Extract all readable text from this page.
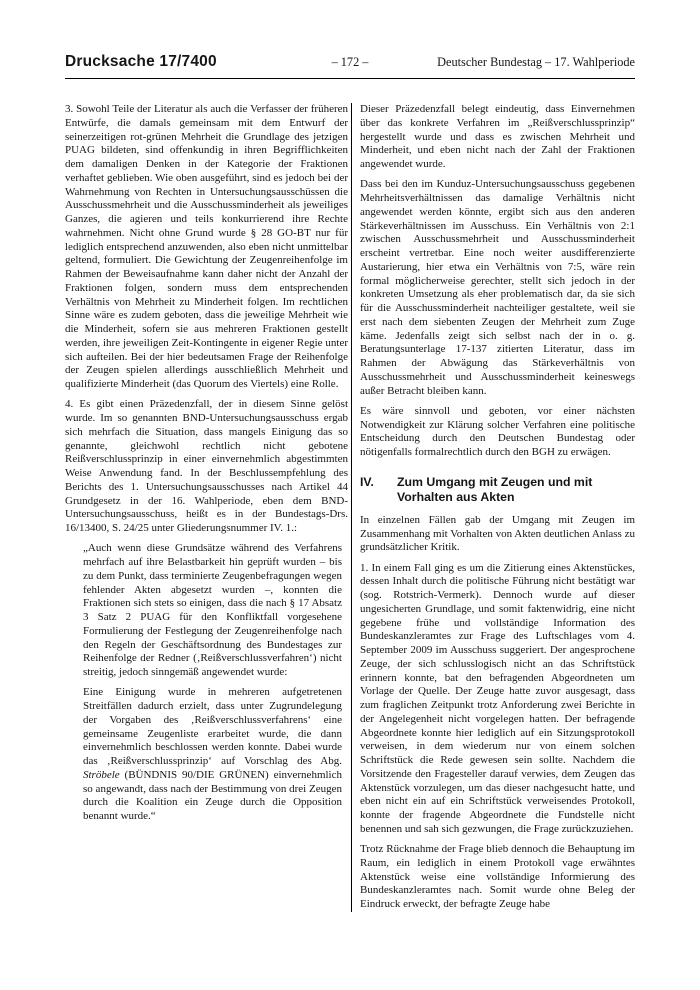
Drucksache 17/7400	– 172 –	Deutscher Bundestag – 17. Wahlperiode

3. Sowohl Teile der Literatur als auch die Verfasser der früheren Entwürfe, die damals gemeinsam mit dem Entwurf der seinerzeitigen rot-grünen Mehrheit die Grundlage des jetzigen PUAG bildeten, sind offenkundig in ihren Begrifflichkeiten dem damaligen Denken in der Kategorie der Fraktionen verhaftet geblieben. Wie oben ausgeführt, sind es jedoch bei der Wahrnehmung von Rechten in Untersuchungsausschüssen die Ausschussmehrheit und die Ausschussminderheit als jeweiliges Ganzes, die agieren und teils konkurrierend ihre Rechte wahrnehmen. Nicht ohne Grund wurde § 28 GO-BT nur für lediglich entsprechend anzuwenden, also eben nicht unmittelbar geltend, formuliert. Die Gewichtung der Zeugenreihenfolge im Rahmen der Beweisaufnahme kann daher nicht der Anzahl der Fraktionen folgen, sondern muss dem entsprechenden Verhältnis von Mehrheit zu Minderheit folgen. Im rechtlichen Sinne wäre es zudem geboten, dass die jeweilige Mehrheit wie die Minderheit, sofern sie aus mehreren Fraktionen gestellt werden, ihre jeweiligen Zeit-Kontingente in eigener Regie unter sich aufteilen. Bei der hier bedeutsamen Frage der Reihenfolge der Zeugen spielen allerdings ausschließlich Mehrheit und qualifizierte Minderheit (das Quorum des Viertels) eine Rolle.

4. Es gibt einen Präzedenzfall, der in diesem Sinne gelöst wurde. Im so genannten BND-Untersuchungsausschuss ergab sich mehrfach die Situation, dass mangels Einigung das so genannte, gleichwohl rechtlich nicht gebotene Reißverschlussprinzip in einer einvernehmlich abgestimmten Weise Anwendung fand. In der Beschlussempfehlung des Berichts des 1. Untersuchungsausschusses nach Artikel 44 Grundgesetz in der 16. Wahlperiode, eben dem BND-Untersuchungsausschuss, heißt es in der Bundestags-Drs. 16/13400, S. 24/25 unter Gliederungsnummer IV. 1.:

„Auch wenn diese Grundsätze während des Verfahrens mehrfach auf ihre Belastbarkeit hin geprüft wurden – bis zu dem Punkt, dass terminierte Zeugenbefragungen wegen fehlender Akten abgesetzt wurden –, konnten die Fraktionen sich stets so einigen, dass die nach § 17 Absatz 3 Satz 2 PUAG für den Konfliktfall vorgesehene Formulierung der Festlegung der Zeugenreihenfolge nach den Regeln der Geschäftsordnung des Bundestages zur Reihenfolge der Redner (‚Reißverschlussverfahren‘) nicht streitig, jedoch sinngemäß angewendet wurde:

Eine Einigung wurde in mehreren aufgetretenen Streitfällen dadurch erzielt, dass unter Zugrundelegung der Vorgaben des ‚Reißverschlussverfahrens‘ eine gemeinsame Zeugenliste erarbeitet wurde, die dann einvernehmlich beschlossen werden konnte. Dabei wurde das ‚Reißverschlussprinzip‘ auf Vorschlag des Abg. Ströbele (BÜNDNIS 90/DIE GRÜNEN) einvernehmlich so angewandt, dass nach der Bestimmung von drei Zeugen durch die Koalition ein Zeuge durch die Opposition benannt wurde.“

Dieser Präzedenzfall belegt eindeutig, dass Einvernehmen über das konkrete Verfahren im „Reißverschlussprinzip“ hergestellt wurde und dass es zwischen Mehrheit und Minderheit, und eben nicht nach der Zahl der Fraktionen angewendet wurde.

Dass bei den im Kunduz-Untersuchungsausschuss gegebenen Mehrheitsverhältnissen das damalige Verhältnis nicht angewendet werden könnte, ergibt sich aus den anderen Stärkeverhältnissen im Ausschuss. Ein Verhältnis von 2:1 zwischen Ausschussmehrheit und Ausschussminderheit erscheint vertretbar. Eine noch weiter ausdifferenzierte Austarierung, hier etwa ein Verhältnis von 7:5, wäre rein formal möglicherweise gerechter, stellt sich jedoch in der konkreten Umsetzung als eher problematisch dar, da sie sich für die Ausschussminderheit nachteiliger gestaltete, weil sie erst nach dem siebenten Zeugen der Mehrheit zum Zuge käme. Jedenfalls zeigt sich selbst nach der in o. g. Beratungsunterlage 17-137 zitierten Literatur, dass im Rahmen der Abwägung das Stärkeverhältnis von Ausschussmehrheit und Ausschussminderheit keineswegs außer Betracht bleiben kann.

Es wäre sinnvoll und geboten, vor einer nächsten Notwendigkeit zur Klärung solcher Verfahren eine politische Entscheidung durch den Deutschen Bundestag oder nötigenfalls formalrechtlich durch den BGH zu erwägen.

IV.	Zum Umgang mit Zeugen und mit Vorhalten aus Akten

In einzelnen Fällen gab der Umgang mit Zeugen im Zusammenhang mit Vorhalten von Akten deutlichen Anlass zu grundsätzlicher Kritik.

1. In einem Fall ging es um die Zitierung eines Aktenstückes, dessen Inhalt durch die politische Führung nicht bestätigt war (sog. Rotstrich-Vermerk). Dennoch wurde auf dieser ungesicherten Grundlage, und somit faktenwidrig, eine nicht gegebene frühe und vollständige Information des Bundeskanzleramtes zur Frage des Luftschlages vom 4. September 2009 im Ausschuss suggeriert. Der angesprochene Zeuge, der sich schlusslogisch nicht an das Schriftstück erinnern konnte, bat den befragenden Abgeordneten um Vorlage der Quelle. Der Zeuge hatte zuvor ausgesagt, dass zum fraglichen Zeitpunkt trotz Anforderung zwei Berichte in der Angelegenheit nicht vorgelegen hatten. Der befragende Abgeordnete konnte hier lediglich auf ein Sitzungsprotokoll verweisen, in dem wiederum nur von einem solchen Schriftstück die Rede gewesen sein sollte. Nachdem die Vorsitzende den Fragesteller darauf verwies, dem Zeugen das Aktenstück vorzulegen, um das dieser nachgesucht hatte, und eben nicht ein auf ein Schriftstück verweisendes Protokoll, konnte der fragende Abgeordnete die Fundstelle nicht benennen und sah sich gezwungen, die Frage zurückzuziehen.

Trotz Rücknahme der Frage blieb dennoch die Behauptung im Raum, ein lediglich in einem Protokoll vage erwähntes Aktenstück weise eine vollständige Informierung des Bundeskanzleramtes nach. Somit wurde ohne Beleg der Eindruck erweckt, der befragte Zeuge habe
